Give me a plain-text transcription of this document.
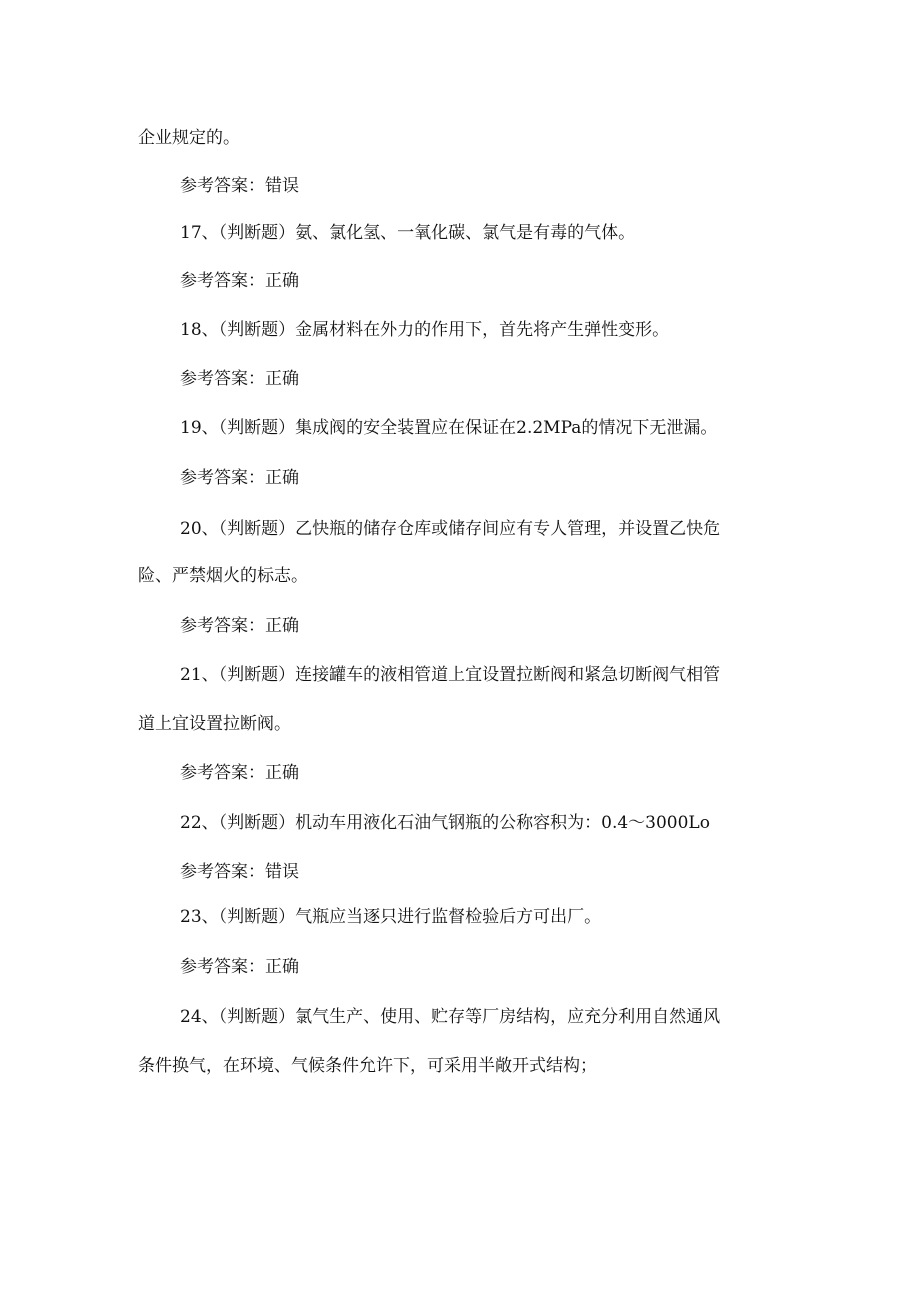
企业规定的。
参考答案：错误
17、（判断题）氨、氯化氢、一氧化碳、氯气是有毒的气体。
参考答案：正确
18、（判断题）金属材料在外力的作用下，首先将产生弹性变形。
参考答案：正确
19、（判断题）集成阀的安全装置应在保证在2.2MPa的情况下无泄漏。
参考答案：正确
20、（判断题）乙快瓶的储存仓库或储存间应有专人管理，并设置乙快危
险、严禁烟火的标志。
参考答案：正确
21、（判断题）连接罐车的液相管道上宜设置拉断阀和紧急切断阀气相管
道上宜设置拉断阀。
参考答案：正确
22、（判断题）机动车用液化石油气钢瓶的公称容积为：0.4～3000Lo
参考答案：错误
23、（判断题）气瓶应当逐只进行监督检验后方可出厂。
参考答案：正确
24、（判断题）氯气生产、使用、贮存等厂房结构，应充分利用自然通风
条件换气，在环境、气候条件允许下，可采用半敞开式结构；
